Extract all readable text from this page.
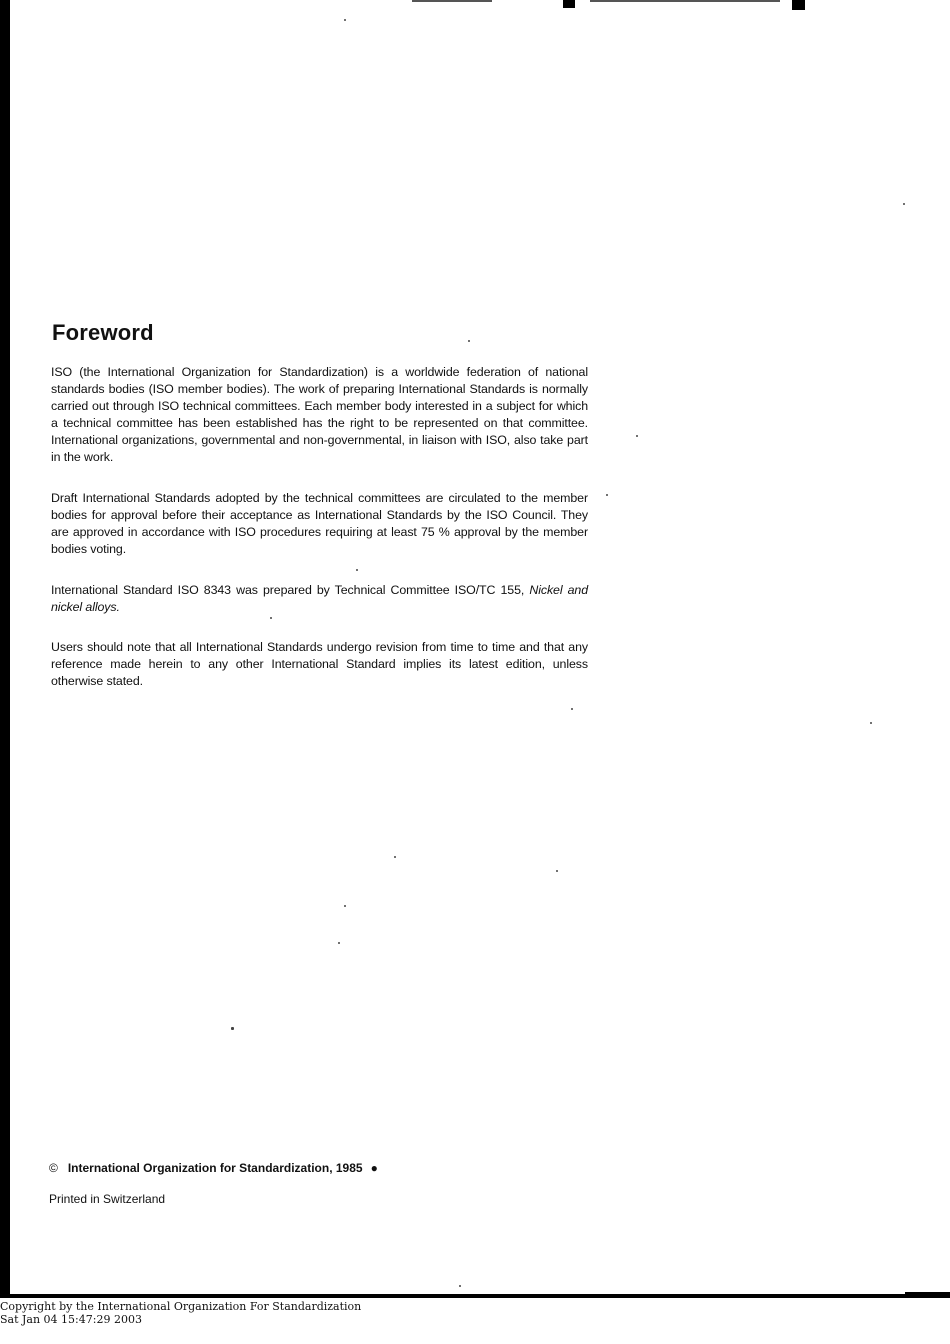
Foreword

ISO (the International Organization for Standardization) is a worldwide federation of national standards bodies (ISO member bodies). The work of preparing International Standards is normally carried out through ISO technical committees. Each member body interested in a subject for which a technical committee has been established has the right to be represented on that committee. International organizations, governmental and non-governmental, in liaison with ISO, also take part in the work.

Draft International Standards adopted by the technical committees are circulated to the member bodies for approval before their acceptance as International Standards by the ISO Council. They are approved in accordance with ISO procedures requiring at least 75 % approval by the member bodies voting.

International Standard ISO 8343 was prepared by Technical Committee ISO/TC 155, Nickel and nickel alloys.

Users should note that all International Standards undergo revision from time to time and that any reference made herein to any other International Standard implies its latest edition, unless otherwise stated.

© International Organization for Standardization, 1985 ●
Printed in Switzerland
Copyright by the International Organization For Standardization
Sat Jan 04 15:47:29 2003
